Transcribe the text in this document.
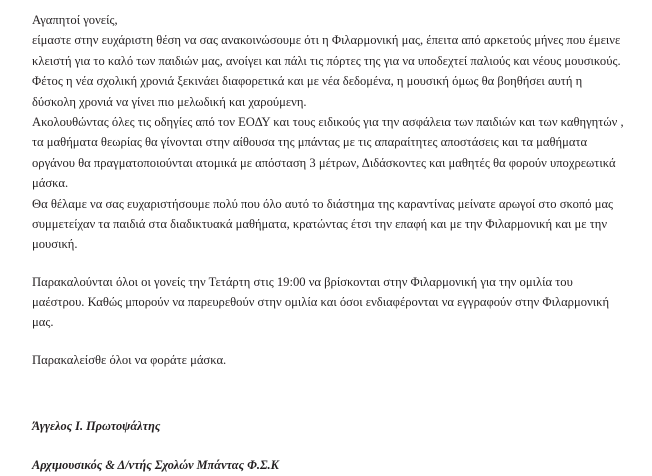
Αγαπητοί γονείς,

είμαστε στην ευχάριστη θέση να σας ανακοινώσουμε ότι η Φιλαρμονική μας, έπειτα από αρκετούς μήνες που έμεινε κλειστή για το καλό των παιδιών μας, ανοίγει και πάλι τις πόρτες της για να υποδεχτεί παλιούς και νέους μουσικούς. Φέτος η νέα σχολική χρονιά ξεκινάει διαφορετικά και με νέα δεδομένα, η μουσική όμως θα βοηθήσει αυτή η δύσκολη χρονιά να γίνει πιο μελωδική και χαρούμενη.

Ακολουθώντας όλες τις οδηγίες από τον ΕΟΔΥ και τους ειδικούς για την ασφάλεια των παιδιών και των καθηγητών , τα μαθήματα θεωρίας θα γίνονται στην αίθουσα της μπάντας με τις απαραίτητες αποστάσεις και τα μαθήματα οργάνου θα πραγματοποιούνται ατομικά με απόσταση 3 μέτρων, Διδάσκοντες και μαθητές θα φορούν υποχρεωτικά μάσκα.

Θα θέλαμε να σας ευχαριστήσουμε πολύ που όλο αυτό το διάστημα της καραντίνας μείνατε αρωγοί στο σκοπό μας συμμετείχαν τα παιδιά στα διαδικτυακά μαθήματα, κρατώντας έτσι την επαφή και με την Φιλαρμονική και με την μουσική.

Παρακαλούνται όλοι οι γονείς την Τετάρτη στις 19:00 να βρίσκονται στην Φιλαρμονική για την ομιλία του μαέστρου. Καθώς μπορούν να παρευρεθούν στην ομιλία και όσοι ενδιαφέρονται να εγγραφούν στην Φιλαρμονική μας.

Παρακαλείσθε όλοι να φοράτε μάσκα.

Άγγελος Ι. Πρωτοψάλτης

Αρχιμουσικός & Δ/ντής Σχολών Μπάντας Φ.Σ.Κ
